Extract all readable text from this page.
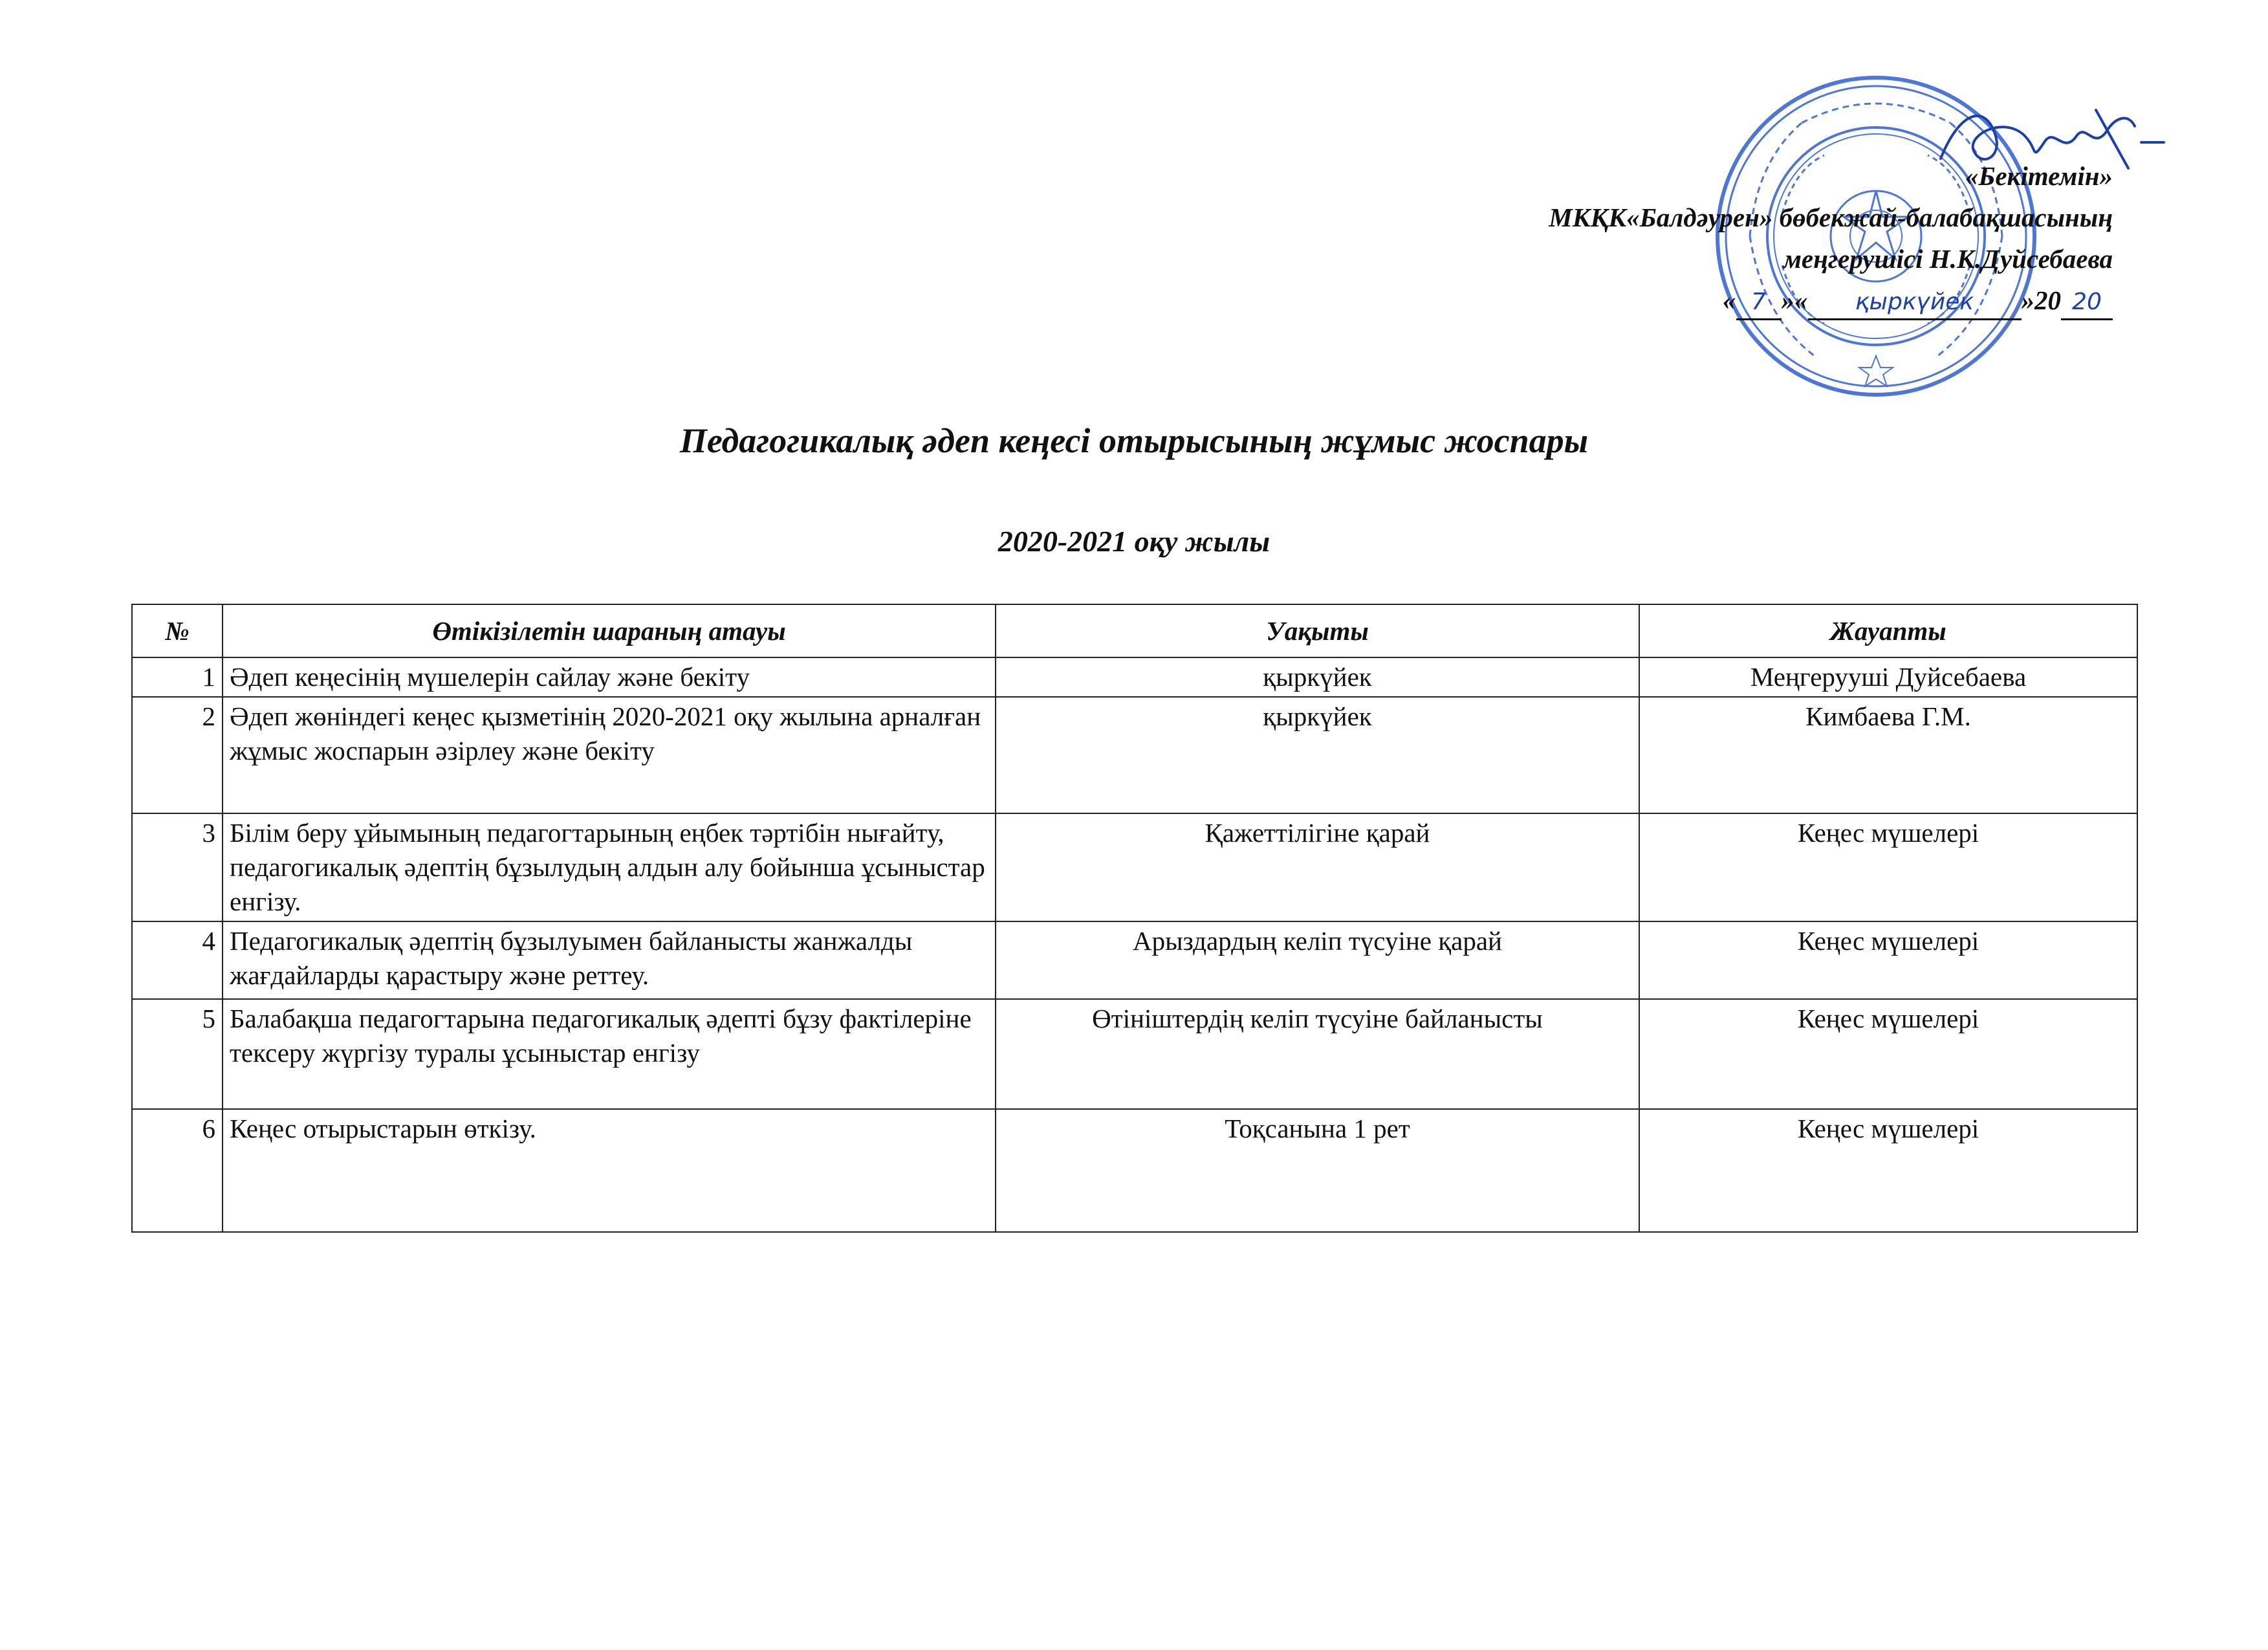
«Бекітемін»
МКҚК«Балдәурен» бөбекжай-балабақшасының
меңгерушісі Н.К.Дуйсебаева
« 7 »« қыркүйек »20 20
Педагогикалық әдеп кеңесі отырысының жұмыс жоспары
2020-2021 оқу жылы
№	Өтікізілетін шараның атауы	Уақыты	Жауапты
1	Әдеп кеңесінің мүшелерін сайлау және бекіту	қыркүйек	Меңгерууші Дуйсебаева
2	Әдеп жөніндегі кеңес қызметінің 2020-2021 оқу жылына арналған жұмыс жоспарын әзірлеу және бекіту	қыркүйек	Кимбаева Г.М.
3	Білім беру ұйымының педагогтарының еңбек тәртібін нығайту, педагогикалық әдептің бұзылудың алдын алу бойынша ұсыныстар енгізу.	Қажеттілігіне қарай	Кеңес мүшелері
4	Педагогикалық әдептің бұзылуымен байланысты жанжалды жағдайларды қарастыру және реттеу.	Арыздардың келіп түсуіне қарай	Кеңес мүшелері
5	Балабақша педагогтарына педагогикалық әдепті бұзу фактілеріне тексеру жүргізу туралы ұсыныстар енгізу	Өтініштердің келіп түсуіне байланысты	Кеңес мүшелері
6	Кеңес отырыстарын өткізу.	Тоқсанына 1 рет	Кеңес мүшелері
